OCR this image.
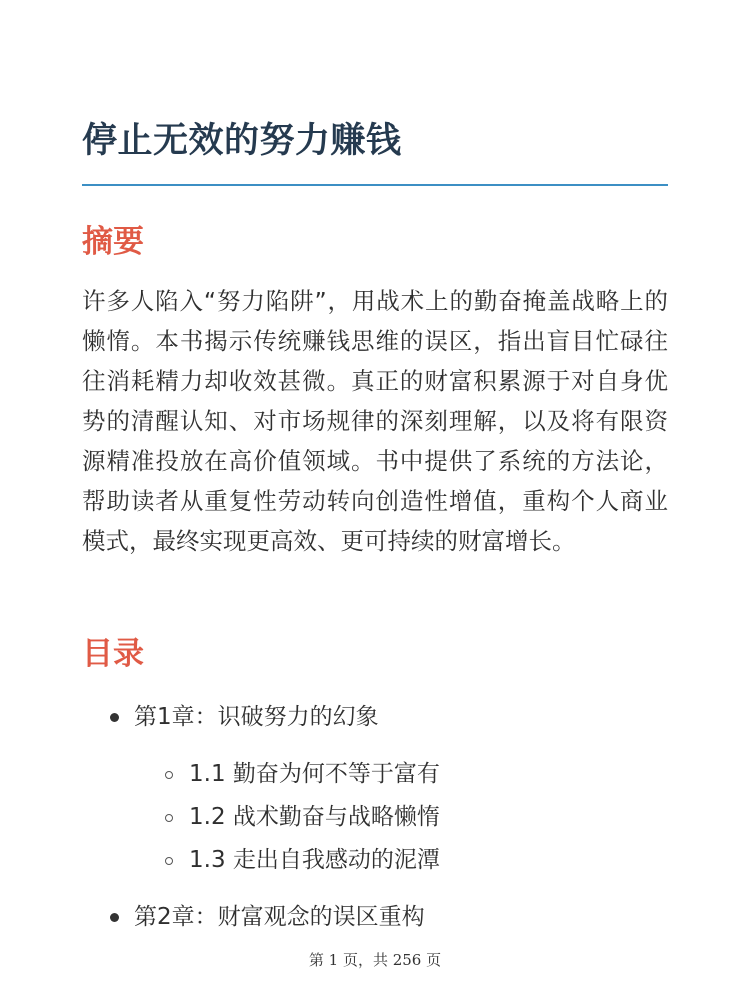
停止无效的努力赚钱
摘要

许多人陷入“努力陷阱”，用战术上的勤奋掩盖战略上的懒惰。本书揭示传统赚钱思维的误区，指出盲目忙碌往往消耗精力却收效甚微。真正的财富积累源于对自身优势的清醒认知、对市场规律的深刻理解，以及将有限资源精准投放在高价值领域。书中提供了系统的方法论，帮助读者从重复性劳动转向创造性增值，重构个人商业模式，最终实现更高效、更可持续的财富增长。

目录
第1章：识破努力的幻象
1.1 勤奋为何不等于富有
1.2 战术勤奋与战略懒惰
1.3 走出自我感动的泥潭
第2章：财富观念的误区重构
第 1 页，共 256 页
